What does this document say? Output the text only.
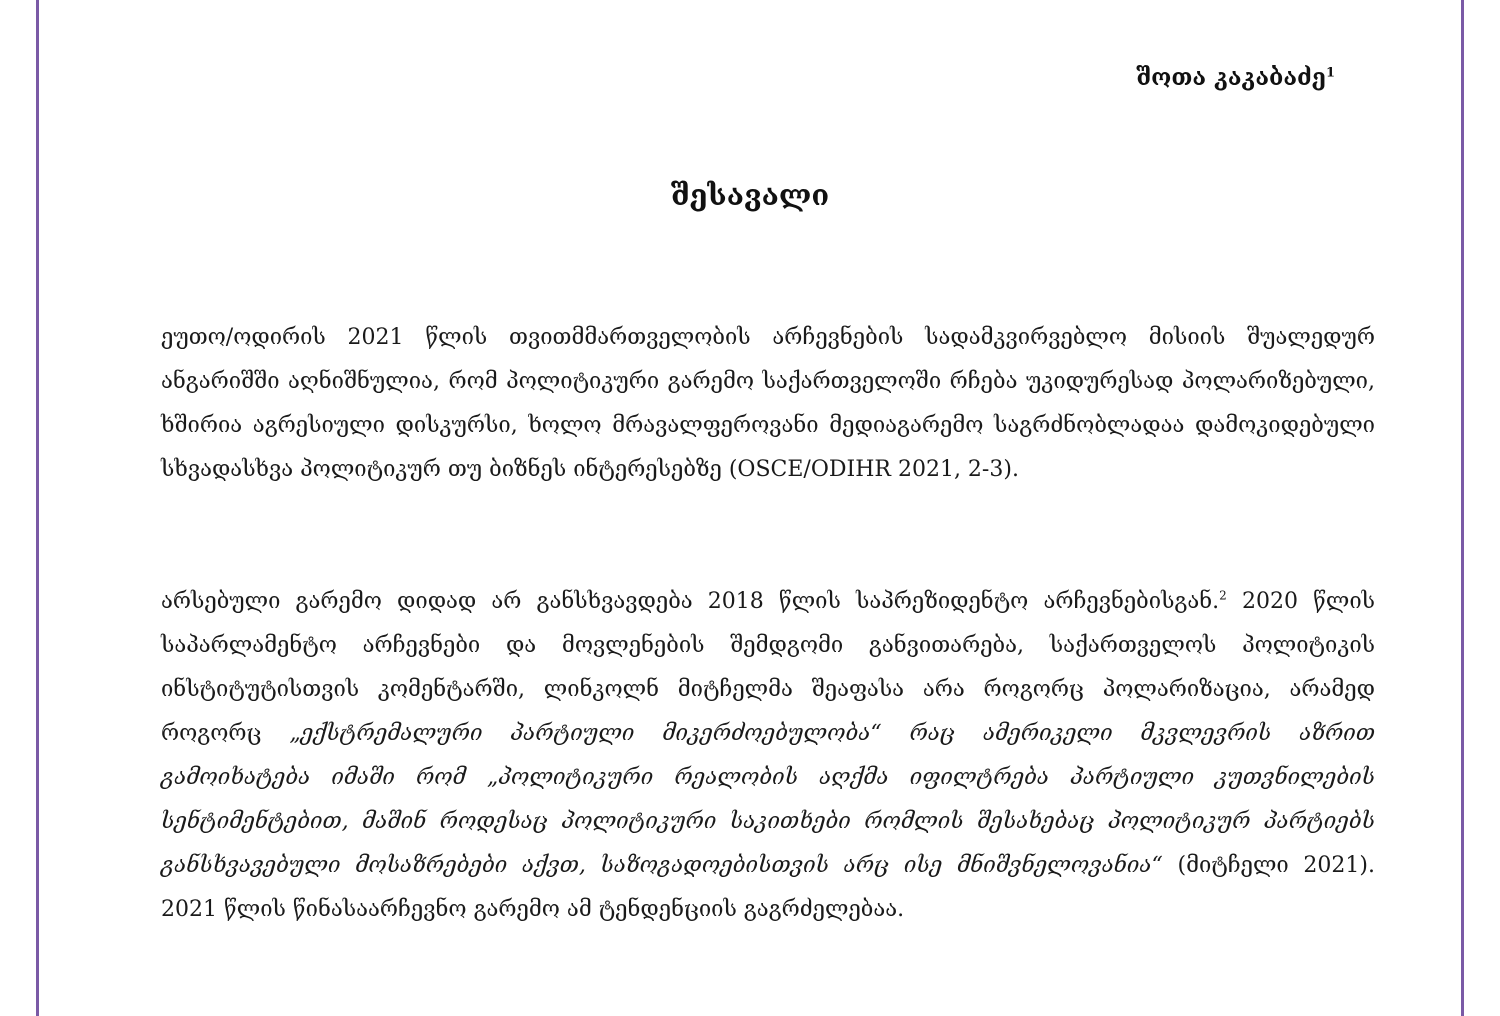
შოთა კაკაბაძე$^1$
შესავალი

ეუთო/ოდირის 2021 წლის თვითმმართველობის არჩევნების სადამკვირვებლო მისიის შუალედურ ანგარიშში აღნიშნულია, რომ პოლიტიკური გარემო საქართველოში რჩება უკიდურესად პოლარიზებული, ხშირია აგრესიული დისკურსი, ხოლო მრავალფეროვანი მედიაგარემო საგრძნობლადაა დამოკიდებული სხვადასხვა პოლიტიკურ თუ ბიზნეს ინტერესებზე (OSCE/ODIHR 2021, 2-3).

არსებული გარემო დიდად არ განსხვავდება 2018 წლის საპრეზიდენტო არჩევნებისგან.$^2$ 2020 წლის საპარლამენტო არჩევნები და მოვლენების შემდგომი განვითარება, საქართველოს პოლიტიკის ინსტიტუტისთვის კომენტარში, ლინკოლნ მიტჩელმა შეაფასა არა როგორც პოლარიზაცია, არამედ როგორც „ექსტრემალური პარტიული მიკერძოებულობა“ რაც ამერიკელი მკვლევრის აზრით გამოიხატება იმაში რომ „პოლიტიკური რეალობის აღქმა იფილტრება პარტიული კუთვნილების სენტიმენტებით, მაშინ როდესაც პოლიტიკური საკითხები რომლის შესახებაც პოლიტიკურ პარტიებს განსხვავებული მოსაზრებები აქვთ, საზოგადოებისთვის არც ისე მნიშვნელოვანია“ (მიტჩელი 2021). 2021 წლის წინასაარჩევნო გარემო ამ ტენდენციის გაგრძელებაა.
